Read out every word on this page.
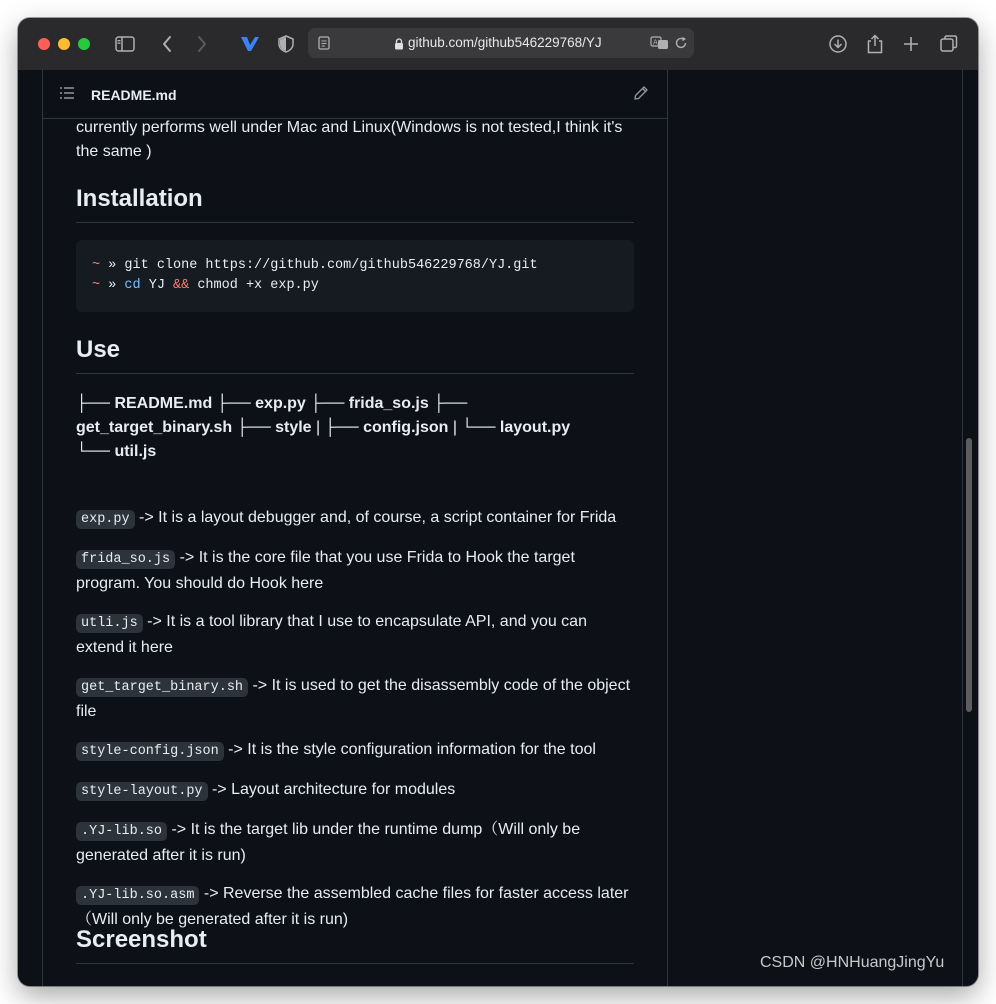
github.com/github546229768/YJ	A
README.md

currently performs well under Mac and Linux(Windows is not tested,I think it's the same )

Installation
~ » git clone https://github.com/github546229768/YJ.git
~ » cd YJ && chmod +x exp.py
Use
├── README.md ├── exp.py ├── frida_so.js ├──
get_target_binary.sh ├── style | ├── config.json | └── layout.py
└── util.js

exp.py -> It is a layout debugger and, of course, a script container for Frida

frida_so.js -> It is the core file that you use Frida to Hook the target program. You should do Hook here

utli.js -> It is a tool library that I use to encapsulate API, and you can extend it here

get_target_binary.sh -> It is used to get the disassembly code of the object file

style-config.json -> It is the style configuration information for the tool

style-layout.py -> Layout architecture for modules

.YJ-lib.so -> It is the target lib under the runtime dump（Will only be generated after it is run)

.YJ-lib.so.asm -> Reverse the assembled cache files for faster access later（Will only be generated after it is run)

Screenshot
CSDN @HNHuangJingYu
